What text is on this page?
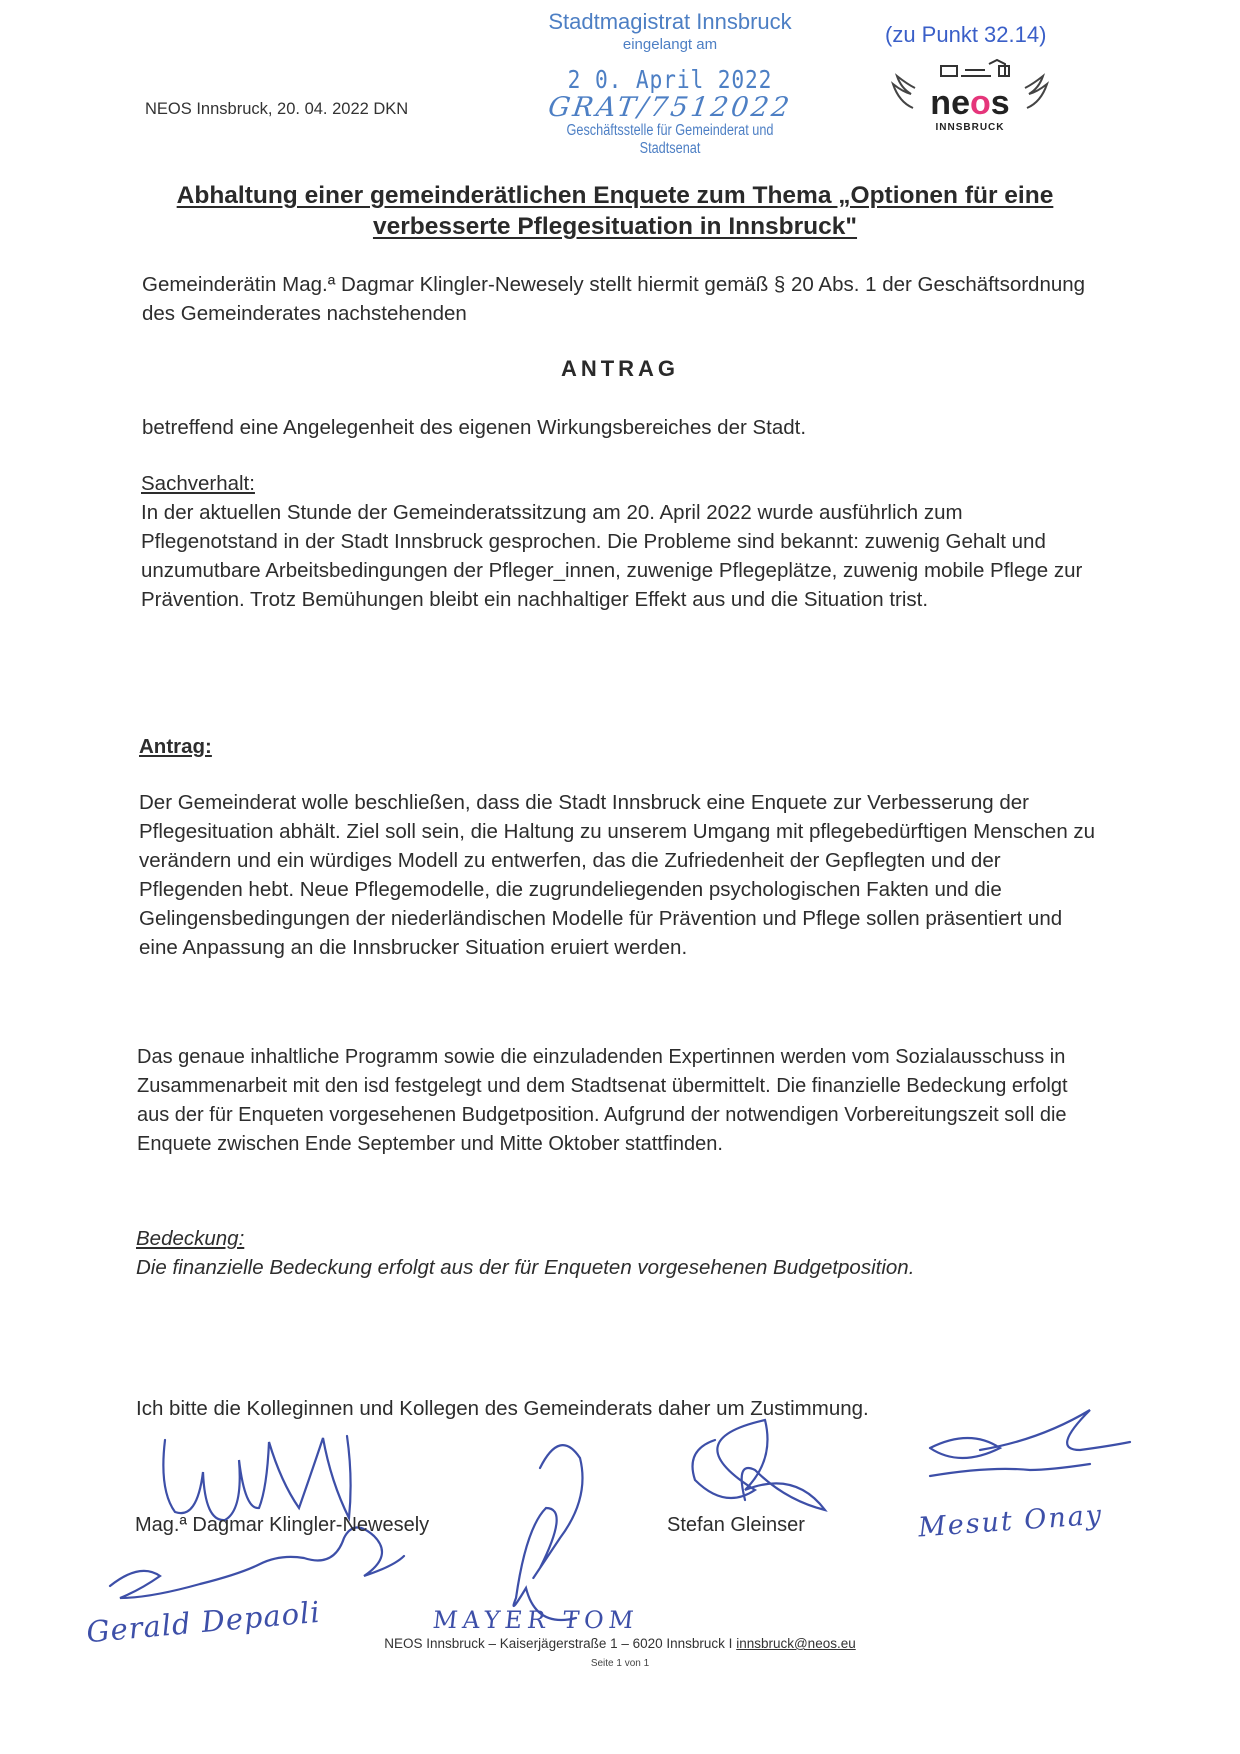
NEOS Innsbruck, 20. 04. 2022 DKN
Stadtmagistrat Innsbruck
eingelangt am
2 0. April 2022
GRAT/7512022
Geschäftsstelle für Gemeinderat und Stadtsenat
(zu Punkt 32.14)
neos
INNSBRUCK
Abhaltung einer gemeinderätlichen Enquete zum Thema „Optionen für eine
verbesserte Pflegesituation in Innsbruck"
Gemeinderätin Mag.ª Dagmar Klingler-Newesely stellt hiermit gemäß § 20 Abs. 1 der Geschäftsordnung des Gemeinderates nachstehenden
ANTRAG
betreffend eine Angelegenheit des eigenen Wirkungsbereiches der Stadt.
Sachverhalt:
In der aktuellen Stunde der Gemeinderatssitzung am 20. April 2022 wurde ausführlich zum Pflegenotstand in der Stadt Innsbruck gesprochen. Die Probleme sind bekannt: zuwenig Gehalt und unzumutbare Arbeitsbedingungen der Pfleger_innen, zuwenige Pflegeplätze, zuwenig mobile Pflege zur Prävention. Trotz Bemühungen bleibt ein nachhaltiger Effekt aus und die Situation trist.
Antrag:
Der Gemeinderat wolle beschließen, dass die Stadt Innsbruck eine Enquete zur Verbesserung der Pflegesituation abhält. Ziel soll sein, die Haltung zu unserem Umgang mit pflegebedürftigen Menschen zu verändern und ein würdiges Modell zu entwerfen, das die Zufriedenheit der Gepflegten und der Pflegenden hebt. Neue Pflegemodelle, die zugrundeliegenden psychologischen Fakten und die Gelingensbedingungen der niederländischen Modelle für Prävention und Pflege sollen präsentiert und eine Anpassung an die Innsbrucker Situation eruiert werden.
Das genaue inhaltliche Programm sowie die einzuladenden Expertinnen werden vom Sozialausschuss in Zusammenarbeit mit den isd festgelegt und dem Stadtsenat übermittelt. Die finanzielle Bedeckung erfolgt aus der für Enqueten vorgesehenen Budgetposition. Aufgrund der notwendigen Vorbereitungszeit soll die Enquete zwischen Ende September und Mitte Oktober stattfinden.
Bedeckung:
Die finanzielle Bedeckung erfolgt aus der für Enqueten vorgesehenen Budgetposition.
Ich bitte die Kolleginnen und Kollegen des Gemeinderats daher um Zustimmung.
Mag.ª Dagmar Klingler-Newesely	Stefan Gleinser	Mesut Onay
Gerald Depaoli	MAYER TOM
NEOS Innsbruck – Kaiserjägerstraße 1 – 6020 Innsbruck I innsbruck@neos.eu
Seite 1 von 1
